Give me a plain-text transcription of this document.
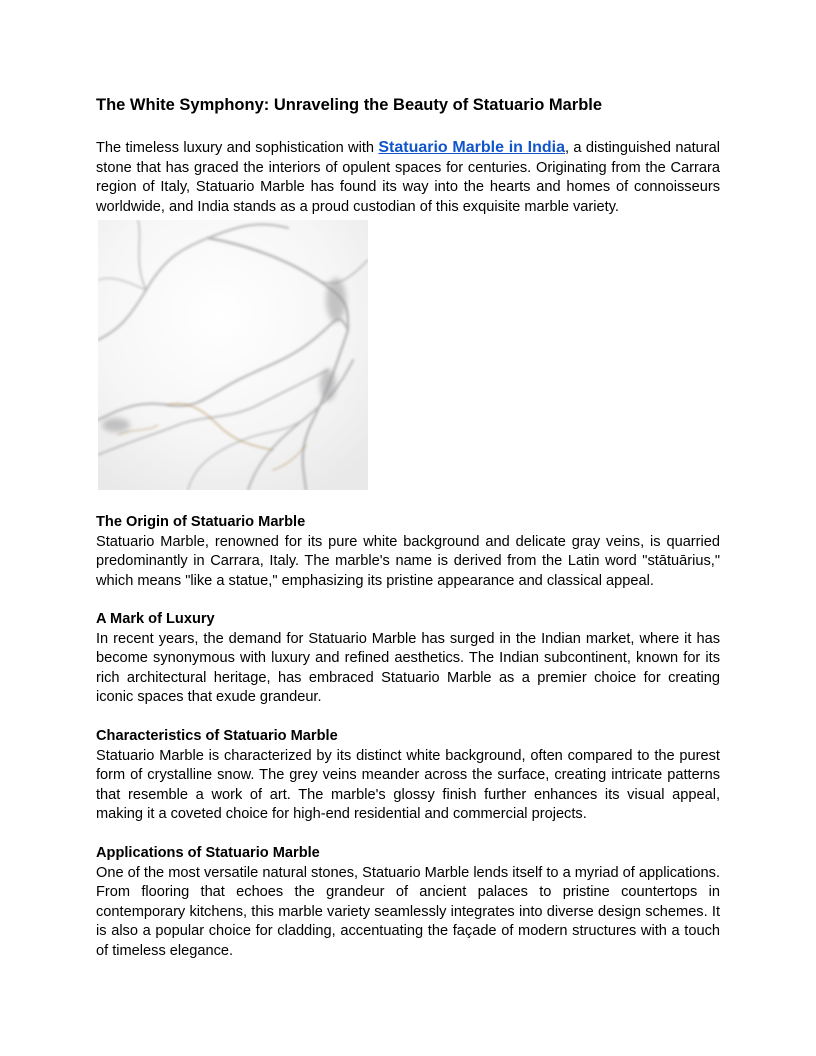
The White Symphony: Unraveling the Beauty of Statuario Marble

The timeless luxury and sophistication with Statuario Marble in India, a distinguished natural stone that has graced the interiors of opulent spaces for centuries. Originating from the Carrara region of Italy, Statuario Marble has found its way into the hearts and homes of connoisseurs worldwide, and India stands as a proud custodian of this exquisite marble variety.

The Origin of Statuario Marble

Statuario Marble, renowned for its pure white background and delicate gray veins, is quarried predominantly in Carrara, Italy. The marble's name is derived from the Latin word "stātuārius," which means "like a statue," emphasizing its pristine appearance and classical appeal.

A Mark of Luxury

In recent years, the demand for Statuario Marble has surged in the Indian market, where it has become synonymous with luxury and refined aesthetics. The Indian subcontinent, known for its rich architectural heritage, has embraced Statuario Marble as a premier choice for creating iconic spaces that exude grandeur.

Characteristics of Statuario Marble

Statuario Marble is characterized by its distinct white background, often compared to the purest form of crystalline snow. The grey veins meander across the surface, creating intricate patterns that resemble a work of art. The marble's glossy finish further enhances its visual appeal, making it a coveted choice for high-end residential and commercial projects.

Applications of Statuario Marble

One of the most versatile natural stones, Statuario Marble lends itself to a myriad of applications. From flooring that echoes the grandeur of ancient palaces to pristine countertops in contemporary kitchens, this marble variety seamlessly integrates into diverse design schemes. It is also a popular choice for cladding, accentuating the façade of modern structures with a touch of timeless elegance.
